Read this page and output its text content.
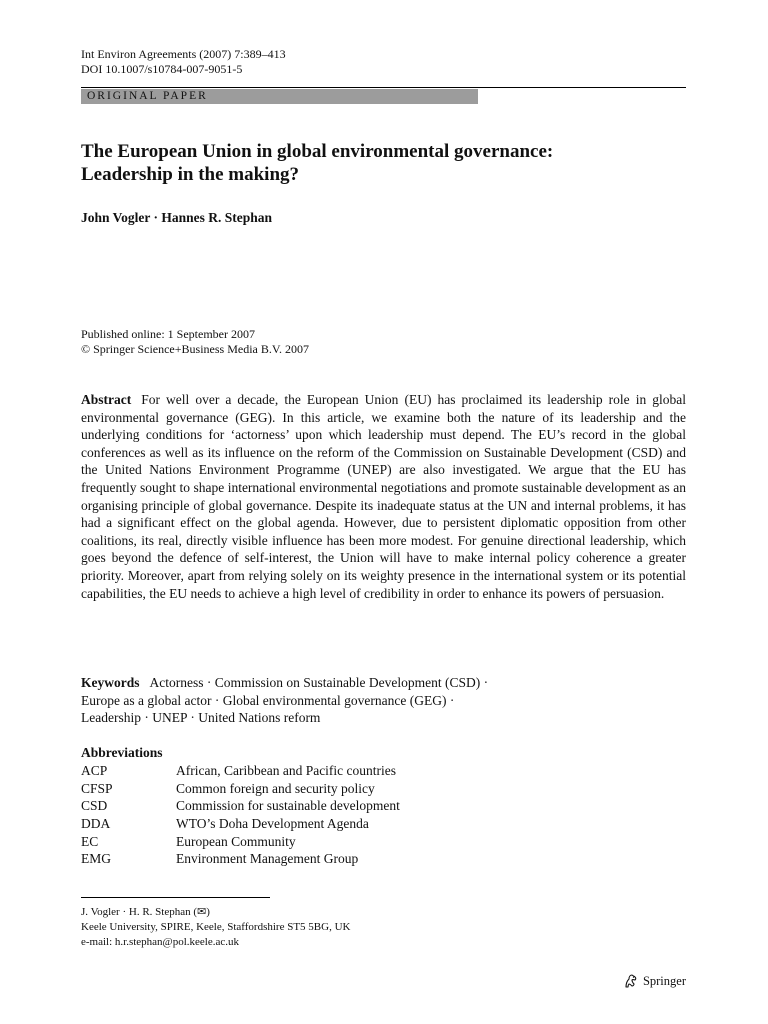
Int Environ Agreements (2007) 7:389–413
DOI 10.1007/s10784-007-9051-5
ORIGINAL PAPER
The European Union in global environmental governance: Leadership in the making?
John Vogler · Hannes R. Stephan
Published online: 1 September 2007
© Springer Science+Business Media B.V. 2007

Abstract For well over a decade, the European Union (EU) has proclaimed its leadership role in global environmental governance (GEG). In this article, we examine both the nature of its leadership and the underlying conditions for ‘actorness’ upon which leadership must depend. The EU’s record in the global conferences as well as its influence on the reform of the Commission on Sustainable Development (CSD) and the United Nations Environment Programme (UNEP) are also investigated. We argue that the EU has frequently sought to shape international environmental negotiations and promote sustainable development as an organising principle of global governance. Despite its inadequate status at the UN and internal problems, it has had a significant effect on the global agenda. However, due to persistent diplomatic opposition from other coalitions, its real, directly visible influence has been more modest. For genuine directional leadership, which goes beyond the defence of self-interest, the Union will have to make internal policy coherence a greater priority. Moreover, apart from relying solely on its weighty presence in the international system or its potential capabilities, the EU needs to achieve a high level of credibility in order to enhance its powers of persuasion.

Keywords Actorness · Commission on Sustainable Development (CSD) ·
Europe as a global actor · Global environmental governance (GEG) ·
Leadership · UNEP · United Nations reform
Abbreviations
ACP	African, Caribbean and Pacific countries
CFSP	Common foreign and security policy
CSD	Commission for sustainable development
DDA	WTO’s Doha Development Agenda
EC	European Community
EMG	Environment Management Group
J. Vogler · H. R. Stephan (✉)
Keele University, SPIRE, Keele, Staffordshire ST5 5BG, UK
e-mail: h.r.stephan@pol.keele.ac.uk
Springer
